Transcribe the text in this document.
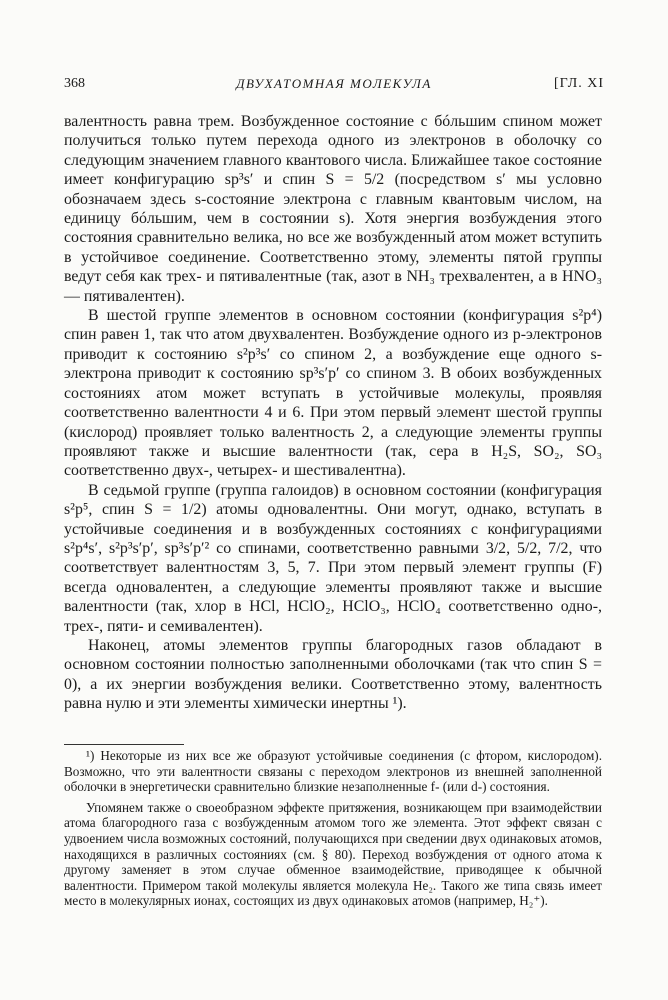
368	ДВУХАТОМНАЯ МОЛЕКУЛА	[ГЛ. XI

валентность равна трем. Возбужденное состояние с бóльшим спином может получиться только путем перехода одного из электронов в оболочку со следующим значением главного квантового числа. Ближайшее такое состояние имеет конфигурацию sp³s′ и спин S = 5/2 (посредством s′ мы условно обозначаем здесь s-состояние электрона с главным квантовым числом, на единицу бóльшим, чем в состоянии s). Хотя энергия возбуждения этого состояния сравнительно велика, но все же возбужденный атом может вступить в устойчивое соединение. Соответственно этому, элементы пятой группы ведут себя как трех- и пятивалентные (так, азот в NH₃ трехвалентен, а в HNO₃ — пятивалентен).

В шестой группе элементов в основном состоянии (конфигурация s²p⁴) спин равен 1, так что атом двухвалентен. Возбуждение одного из p-электронов приводит к состоянию s²p³s′ со спином 2, а возбуждение еще одного s-электрона приводит к состоянию sp³s′p′ со спином 3. В обоих возбужденных состояниях атом может вступать в устойчивые молекулы, проявляя соответственно валентности 4 и 6. При этом первый элемент шестой группы (кислород) проявляет только валентность 2, а следующие элементы группы проявляют также и высшие валентности (так, сера в H₂S, SO₂, SO₃ соответственно двух-, четырех- и шестивалентна).

В седьмой группе (группа галоидов) в основном состоянии (конфигурация s²p⁵, спин S = 1/2) атомы одновалентны. Они могут, однако, вступать в устойчивые соединения и в возбужденных состояниях с конфигурациями s²p⁴s′, s²p³s′p′, sp³s′p′² со спинами, соответственно равными 3/2, 5/2, 7/2, что соответствует валентностям 3, 5, 7. При этом первый элемент группы (F) всегда одновалентен, а следующие элементы проявляют также и высшие валентности (так, хлор в HCl, HClO₂, HClO₃, HClO₄ соответственно одно-, трех-, пяти- и семивалентен).

Наконец, атомы элементов группы благородных газов обладают в основном состоянии полностью заполненными оболочками (так что спин S = 0), а их энергии возбуждения велики. Соответственно этому, валентность равна нулю и эти элементы химически инертны ¹).

¹) Некоторые из них все же образуют устойчивые соединения (с фтором, кислородом). Возможно, что эти валентности связаны с переходом электронов из внешней заполненной оболочки в энергетически сравнительно близкие незаполненные f- (или d-) состояния.

Упомянем также о своеобразном эффекте притяжения, возникающем при взаимодействии атома благородного газа с возбужденным атомом того же элемента. Этот эффект связан с удвоением числа возможных состояний, получающихся при сведении двух одинаковых атомов, находящихся в различных состояниях (см. § 80). Переход возбуждения от одного атома к другому заменяет в этом случае обменное взаимодействие, приводящее к обычной валентности. Примером такой молекулы является молекула He₂. Такого же типа связь имеет место в молекулярных ионах, состоящих из двух одинаковых атомов (например, H₂⁺).
